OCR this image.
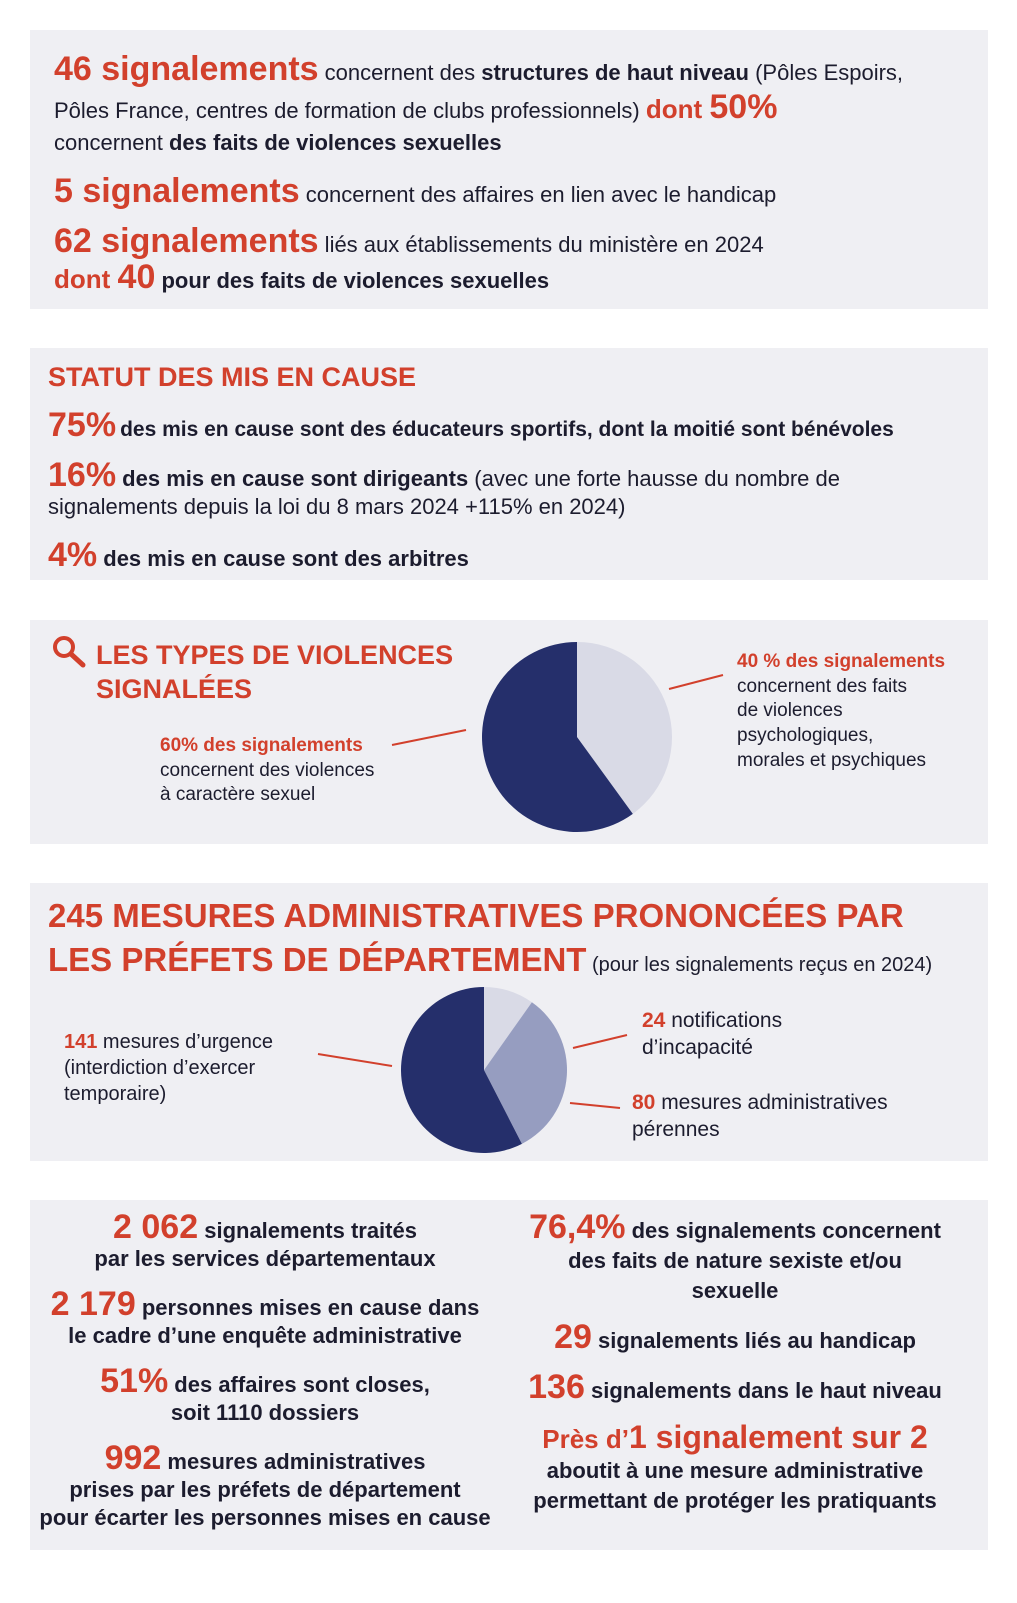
46 signalements concernent des structures de haut niveau (Pôles Espoirs,
Pôles France, centres de formation de clubs professionnels) dont 50%
concernent des faits de violences sexuelles
5 signalements concernent des affaires en lien avec le handicap
62 signalements liés aux établissements du ministère en 2024
dont 40 pour des faits de violences sexuelles
STATUT DES MIS EN CAUSE
75% des mis en cause sont des éducateurs sportifs, dont la moitié sont bénévoles
16% des mis en cause sont dirigeants (avec une forte hausse du nombre de
signalements depuis la loi du 8 mars 2024 +115% en 2024)
4% des mis en cause sont des arbitres
LES TYPES DE VIOLENCES
SIGNALÉES
40 % des signalements
concernent des faits
de violences
psychologiques,
morales et psychiques
60% des signalements
concernent des violences
à caractère sexuel
245 MESURES ADMINISTRATIVES PRONONCÉES PAR
LES PRÉFETS DE DÉPARTEMENT (pour les signalements reçus en 2024)
141 mesures d’urgence
(interdiction d’exercer
temporaire)
24 notifications
d’incapacité
80 mesures administratives
pérennes
2 062 signalements traités
par les services départementaux
2 179 personnes mises en cause dans
le cadre d’une enquête administrative
51% des affaires sont closes,
soit 1110 dossiers
992 mesures administratives
prises par les préfets de département
pour écarter les personnes mises en cause
76,4% des signalements concernent
des faits de nature sexiste et/ou
sexuelle
29 signalements liés au handicap
136 signalements dans le haut niveau
Près d’1 signalement sur 2
aboutit à une mesure administrative
permettant de protéger les pratiquants
